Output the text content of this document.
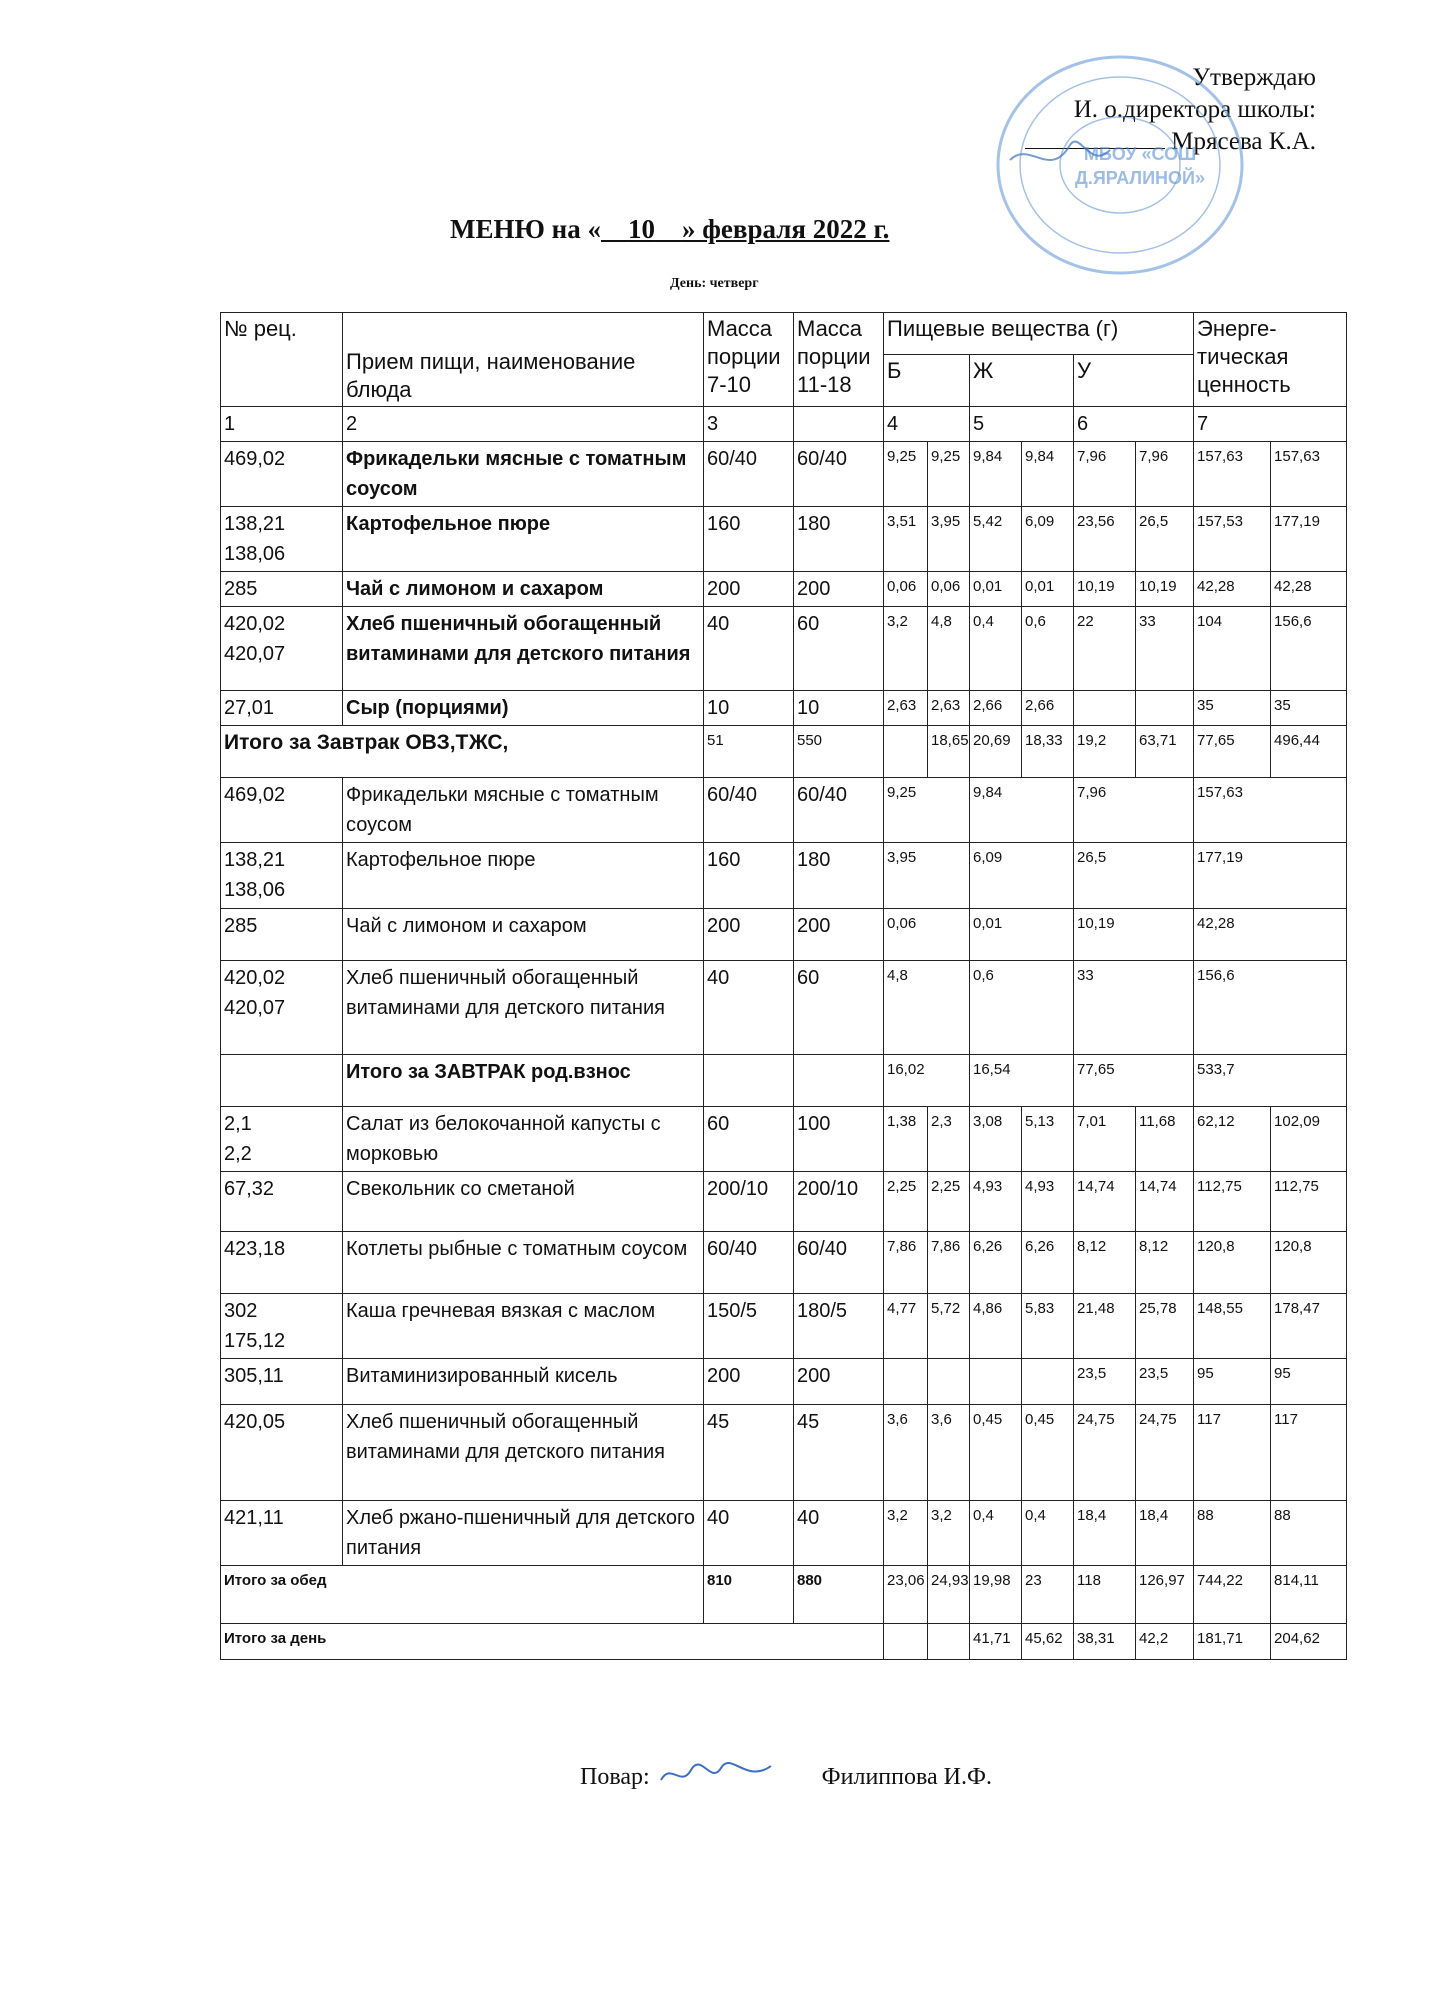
Утверждаю
И. о.директора школы:
Мрясева К.А.
МБОУ «СОШ
Д.ЯРАЛИНОЙ»
МЕНЮ на « 10 » февраля 2022 г.
День: четверг
№ рец.	Прием пищи, наименование блюда	Масса порции 7-10	Масса порции 11-18	Пищевые вещества (г)						Энерге-тическая ценность	
				Б		Ж		У			
1	2	3		4		5		6		7	

469,02	Фрикадельки мясные с томатным соусом	60/40	60/40	9,25	9,25	9,84	9,84	7,96	7,96	157,63	157,63

138,21
138,06	Картофельное пюре	160	180	3,51	3,95	5,42	6,09	23,56	26,5	157,53	177,19

285	Чай с лимоном и сахаром	200	200	0,06	0,06	0,01	0,01	10,19	10,19	42,28	42,28

420,02
420,07	Хлеб пшеничный обогащенный витаминами для детского питания	40	60	3,2	4,8	0,4	0,6	22	33	104	156,6

27,01	Сыр (порциями)	10	10	2,63	2,63	2,66	2,66			35	35
Итого за Завтрак ОВЗ,ТЖС,		51	550		18,65	20,69	18,33	19,2	63,71	77,65	496,44

469,02	Фрикадельки мясные с томатным соусом	60/40	60/40	9,25		9,84		7,96		157,63	

138,21
138,06	Картофельное пюре	160	180	3,95		6,09		26,5		177,19	

285	Чай с лимоном и сахаром	200	200	0,06		0,01		10,19		42,28	

420,02
420,07	Хлеб пшеничный обогащенный витаминами для детского питания	40	60	4,8		0,6		33		156,6	
	Итого за ЗАВТРАК род.взнос			16,02		16,54		77,65		533,7	

2,1
2,2	Салат из белокочанной капусты с морковью	60	100	1,38	2,3	3,08	5,13	7,01	11,68	62,12	102,09

67,32	Свекольник со сметаной	200/10	200/10	2,25	2,25	4,93	4,93	14,74	14,74	112,75	112,75

423,18	Котлеты рыбные с томатным соусом	60/40	60/40	7,86	7,86	6,26	6,26	8,12	8,12	120,8	120,8

302
175,12	Каша гречневая вязкая с маслом	150/5	180/5	4,77	5,72	4,86	5,83	21,48	25,78	148,55	178,47

305,11	Витаминизированный кисель	200	200					23,5	23,5	95	95

420,05	Хлеб пшеничный обогащенный витаминами для детского питания	45	45	3,6	3,6	0,45	0,45	24,75	24,75	117	117

421,11	Хлеб ржано-пшеничный для детского питания	40	40	3,2	3,2	0,4	0,4	18,4	18,4	88	88
Итого за обед		810	880	23,06	24,93	19,98	23	118	126,97	744,22	814,11
Итого за день						41,71	45,62	38,31	42,2	181,71	204,62
Повар:	Филиппова И.Ф.
